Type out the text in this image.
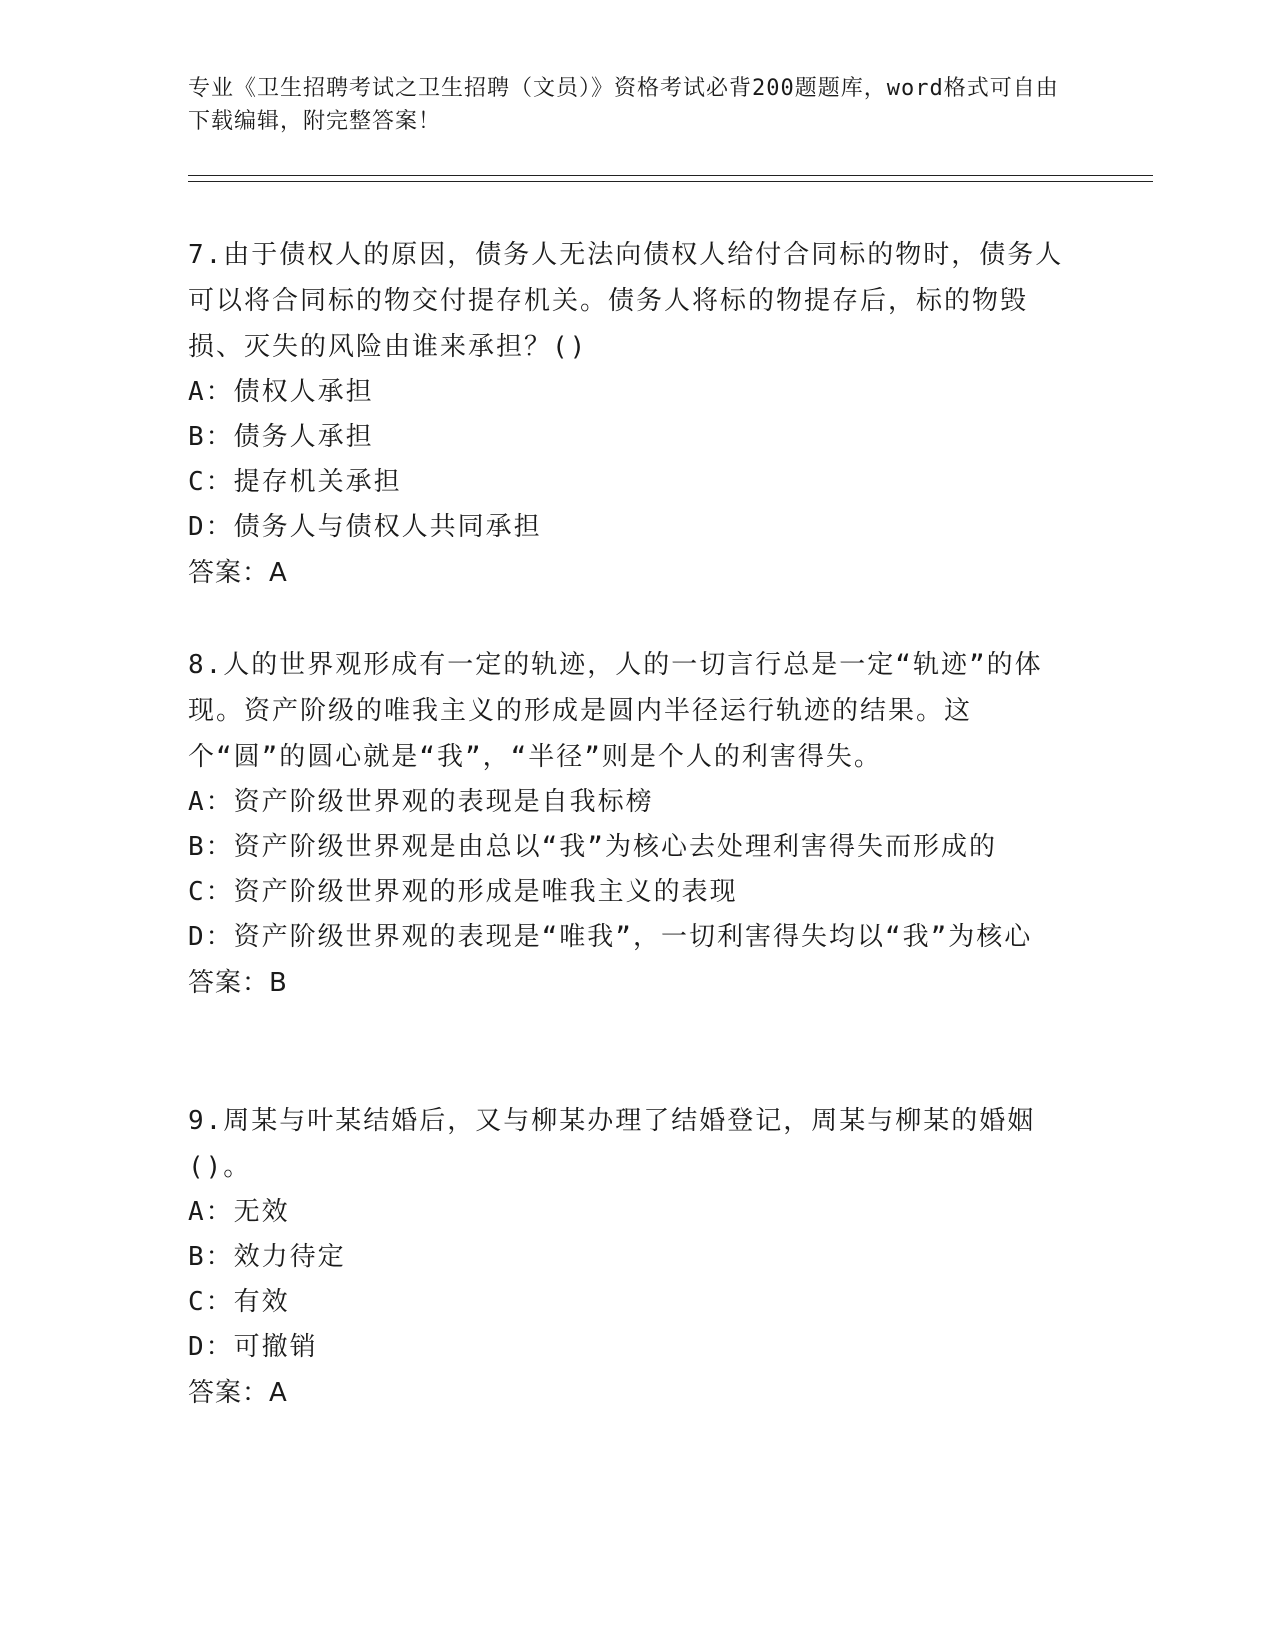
专业《卫生招聘考试之卫生招聘（文员）》资格考试必背200题题库，word格式可自由下载编辑，附完整答案！

7.由于债权人的原因，债务人无法向债权人给付合同标的物时，债务人可以将合同标的物交付提存机关。债务人将标的物提存后，标的物毁损、灭失的风险由谁来承担？()

A：债权人承担

B：债务人承担

C：提存机关承担

D：债务人与债权人共同承担

答案：A

8.人的世界观形成有一定的轨迹，人的一切言行总是一定“轨迹”的体现。资产阶级的唯我主义的形成是圆内半径运行轨迹的结果。这个“圆”的圆心就是“我”，“半径”则是个人的利害得失。

A：资产阶级世界观的表现是自我标榜

B：资产阶级世界观是由总以“我”为核心去处理利害得失而形成的

C：资产阶级世界观的形成是唯我主义的表现

D：资产阶级世界观的表现是“唯我”，一切利害得失均以“我”为核心

答案：B

9.周某与叶某结婚后，又与柳某办理了结婚登记，周某与柳某的婚姻()。

A：无效

B：效力待定

C：有效

D：可撤销

答案：A
